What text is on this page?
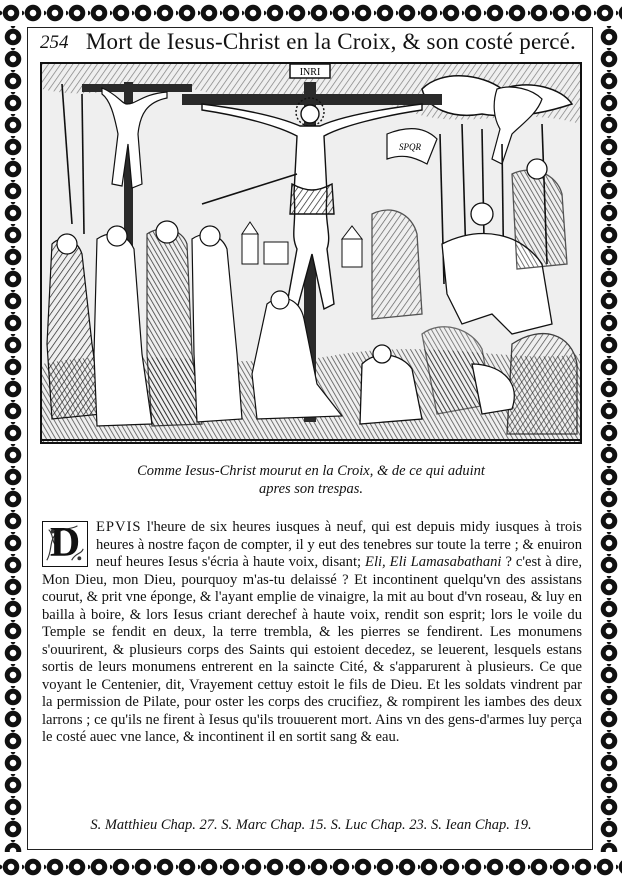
254 Mort de Iesus-Christ en la Croix, & son costé percé.
INRI
SPQR
Comme Iesus-Christ mourut en la Croix, & de ce qui aduint
apres son trespas.
D	EPVIS l'heure de six heures iusques à neuf, qui est depuis midy iusques à trois heures à nostre façon de compter, il y eut des tenebres sur toute la terre ; & enuiron neuf heures Iesus s'écria à haute voix, disant; Eli, Eli Lamasabathani ? c'est à dire, Mon Dieu, mon Dieu, pourquoy m'as-tu delaissé ? Et incontinent quelqu'vn des assistans courut, & prit vne éponge, & l'ayant emplie de vinaigre, la mit au bout d'vn roseau, & luy en bailla à boire, & lors Iesus criant derechef à haute voix, rendit son esprit; lors le voile du Temple se fendit en deux, la terre trembla, & les pierres se fendirent. Les monumens s'ouurirent, & plusieurs corps des Saints qui estoient decedez, se leuerent, lesquels estans sortis de leurs monumens entrerent en la saincte Cité, & s'apparurent à plusieurs. Ce que voyant le Centenier, dit, Vrayement cettuy estoit le fils de Dieu. Et les soldats vindrent par la permission de Pilate, pour oster les corps des crucifiez, & rompirent les iambes des deux larrons ; ce qu'ils ne firent à Iesus qu'ils trouuerent mort. Ains vn des gens-d'armes luy perça le costé auec vne lance, & incontinent il en sortit sang & eau.
S. Matthieu Chap. 27. S. Marc Chap. 15. S. Luc Chap. 23. S. Iean Chap. 19.
